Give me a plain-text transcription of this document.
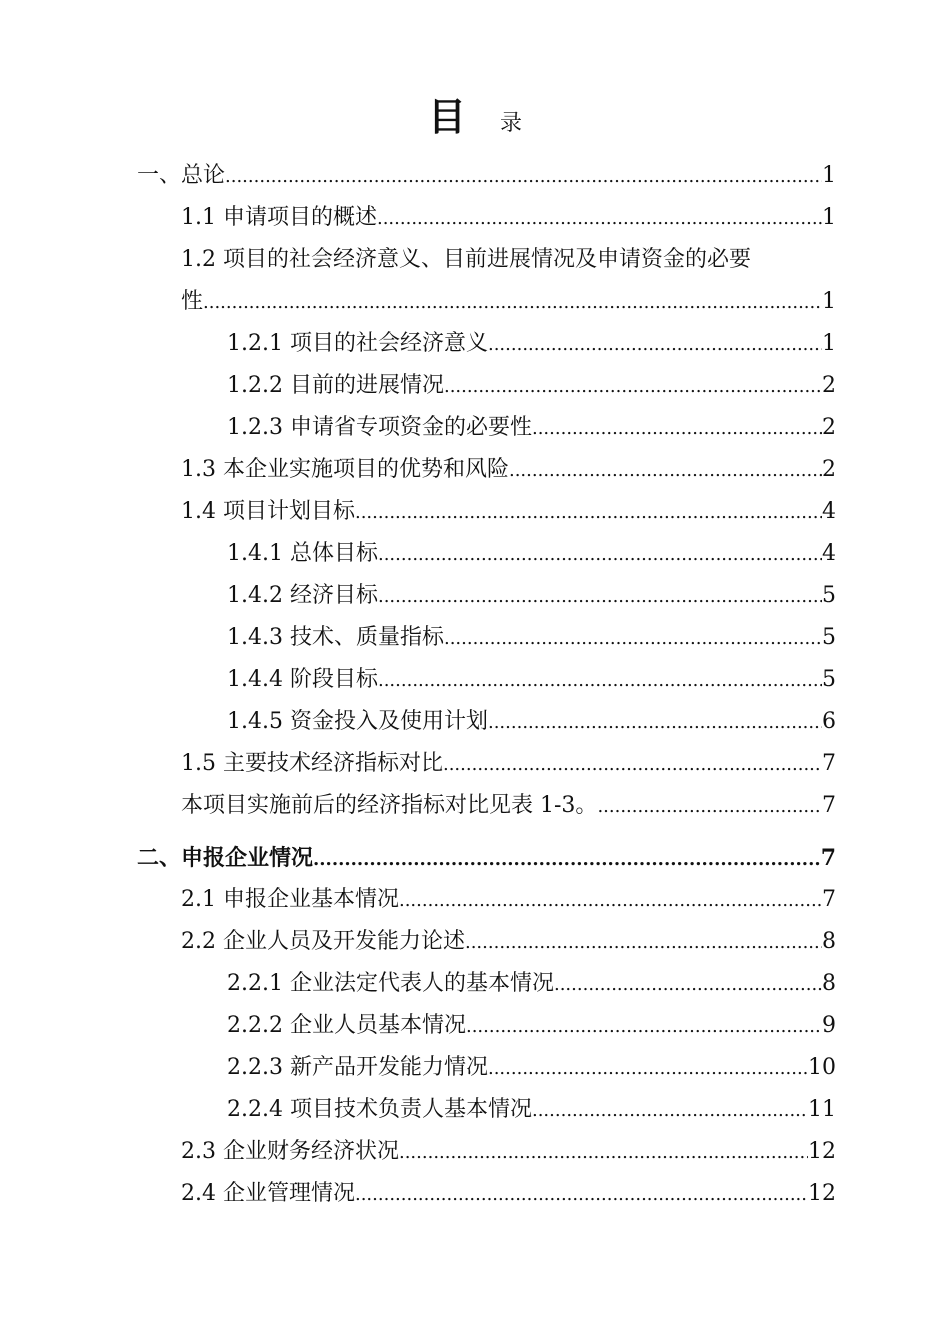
目 录
一、总论 .....	1
1.1 申请项目的概述 .....	1
1.2 项目的社会经济意义、目前进展情况及申请资金的必要
性 .....	1
1.2.1 项目的社会经济意义 .....	1
1.2.2 目前的进展情况 .....	2
1.2.3 申请省专项资金的必要性 .....	2
1.3 本企业实施项目的优势和风险 .....	2
1.4 项目计划目标 .....	4
1.4.1 总体目标 .....	4
1.4.2 经济目标 .....	5
1.4.3 技术、质量指标 .....	5
1.4.4 阶段目标 .....	5
1.4.5 资金投入及使用计划 .....	6
1.5 主要技术经济指标对比 .....	7
本项目实施前后的经济指标对比见表 1-3。 .....	7
二、申报企业情况 .....	7
2.1 申报企业基本情况 .....	7
2.2 企业人员及开发能力论述 .....	8
2.2.1 企业法定代表人的基本情况 .....	8
2.2.2 企业人员基本情况 .....	9
2.2.3 新产品开发能力情况 .....	10
2.2.4 项目技术负责人基本情况 .....	11
2.3 企业财务经济状况 .....	12
2.4 企业管理情况 .....	12
